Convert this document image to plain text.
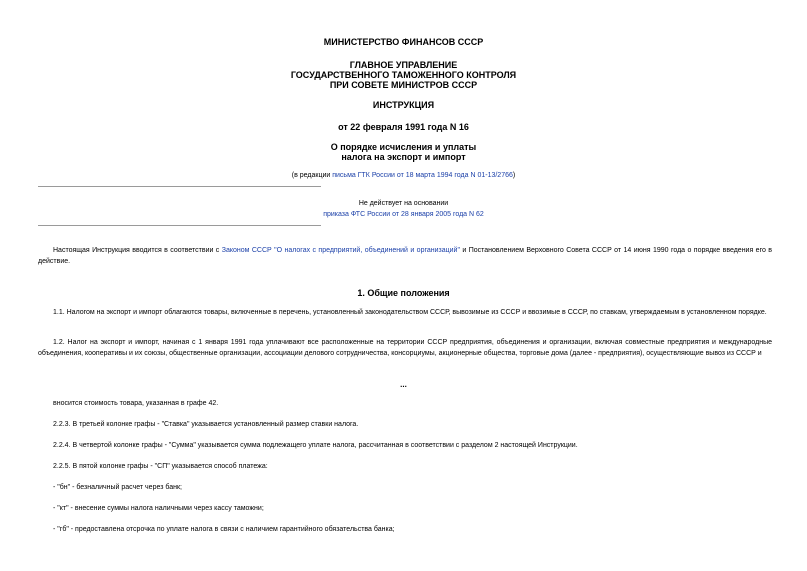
МИНИСТЕРСТВО ФИНАНСОВ СССР
ГЛАВНОЕ УПРАВЛЕНИЕ
ГОСУДАРСТВЕННОГО ТАМОЖЕННОГО КОНТРОЛЯ
ПРИ СОВЕТЕ МИНИСТРОВ СССР
ИНСТРУКЦИЯ
от 22 февраля 1991 года N 16
О порядке исчисления и уплаты
налога на экспорт и импорт
(в редакции письма ГТК России от 18 марта 1994 года N 01-13/2766)
Не действует на основании
приказа ФТС России от 28 января 2005 года N 62
Настоящая Инструкция вводится в соответствии с Законом СССР "О налогах с предприятий, объединений и организаций" и Постановлением Верховного Совета СССР от 14 июня 1990 года о порядке введения его в действие.
1. Общие положения
1.1. Налогом на экспорт и импорт облагаются товары, включенные в перечень, установленный законодательством СССР, вывозимые из СССР и ввозимые в СССР, по ставкам, утверждаемым в установленном порядке.
1.2. Налог на экспорт и импорт, начиная с 1 января 1991 года уплачивают все расположенные на территории СССР предприятия, объединения и организации, включая совместные предприятия и международные объединения, кооперативы и их союзы, общественные организации, ассоциации делового сотрудничества, консорциумы, акционерные общества, торговые дома (далее - предприятия), осуществляющие вывоз из СССР и
...
вносится стоимость товара, указанная в графе 42.
2.2.3. В третьей колонке графы - "Ставка" указывается установленный размер ставки налога.
2.2.4. В четвертой колонке графы - "Сумма" указывается сумма подлежащего уплате налога, рассчитанная в соответствии с разделом 2 настоящей Инструкции.
2.2.5. В пятой колонке графы - "СП" указывается способ платежа:
- "бн" - безналичный расчет через банк;
- "кт" - внесение суммы налога наличными через кассу таможни;
- "гб" - предоставлена отсрочка по уплате налога в связи с наличием гарантийного обязательства банка;
